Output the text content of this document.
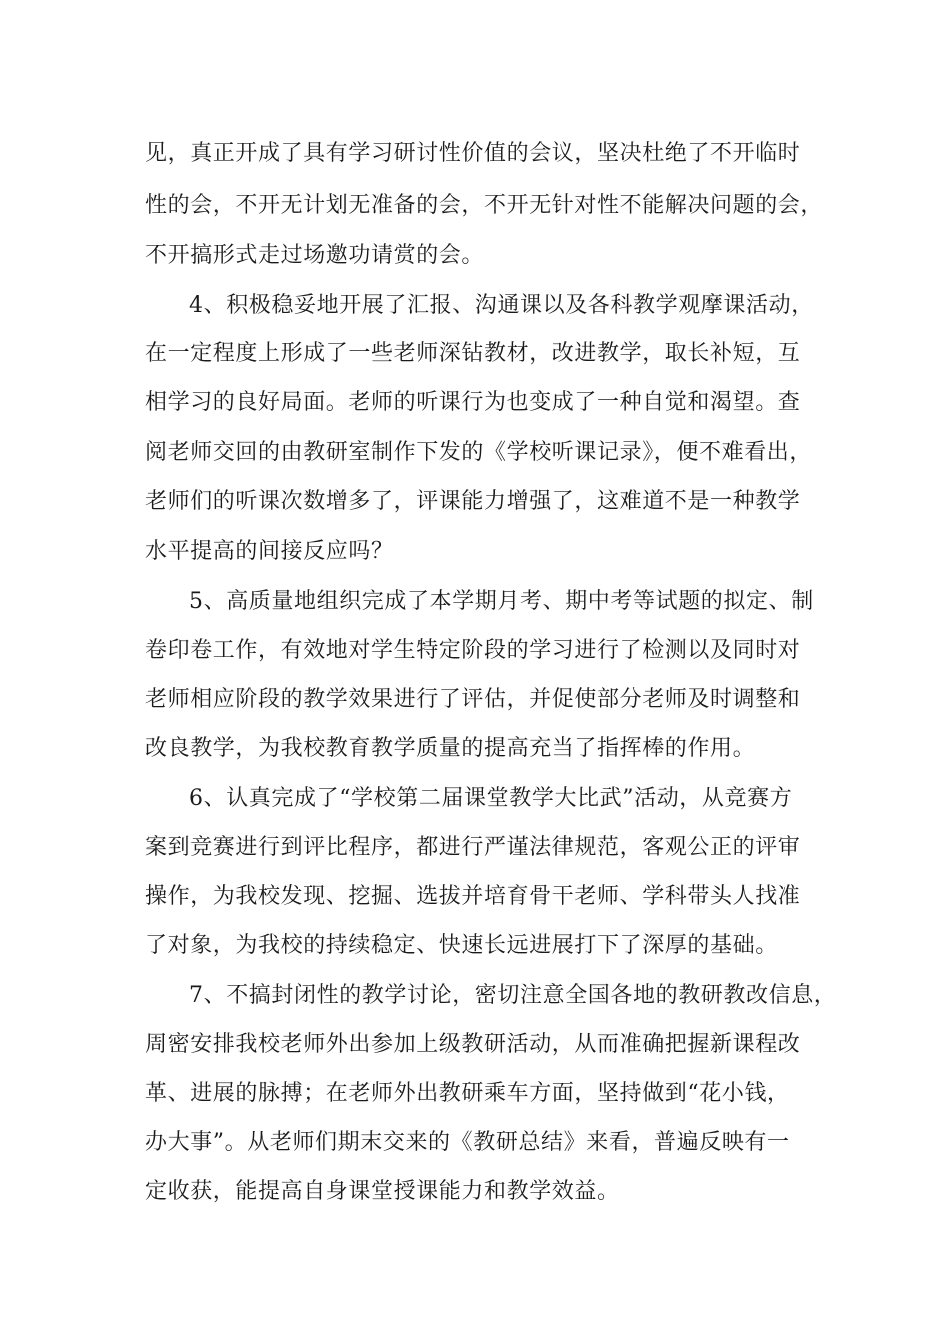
见，真正开成了具有学习研讨性价值的会议，坚决杜绝了不开临时
性的会，不开无计划无准备的会，不开无针对性不能解决问题的会，
不开搞形式走过场邀功请赏的会。
4、积极稳妥地开展了汇报、沟通课以及各科教学观摩课活动，
在一定程度上形成了一些老师深钻教材，改进教学，取长补短，互
相学习的良好局面。老师的听课行为也变成了一种自觉和渴望。查
阅老师交回的由教研室制作下发的《学校听课记录》，便不难看出，
老师们的听课次数增多了，评课能力增强了，这难道不是一种教学
水平提高的间接反应吗？
5、高质量地组织完成了本学期月考、期中考等试题的拟定、制
卷印卷工作，有效地对学生特定阶段的学习进行了检测以及同时对
老师相应阶段的教学效果进行了评估，并促使部分老师及时调整和
改良教学，为我校教育教学质量的提高充当了指挥棒的作用。
6、认真完成了“学校第二届课堂教学大比武”活动，从竞赛方
案到竞赛进行到评比程序，都进行严谨法律规范，客观公正的评审
操作，为我校发现、挖掘、选拔并培育骨干老师、学科带头人找准
了对象，为我校的持续稳定、快速长远进展打下了深厚的基础。
7、不搞封闭性的教学讨论，密切注意全国各地的教研教改信息，
周密安排我校老师外出参加上级教研活动，从而准确把握新课程改
革、进展的脉搏；在老师外出教研乘车方面，坚持做到“花小钱，
办大事”。从老师们期末交来的《教研总结》来看，普遍反映有一
定收获，能提高自身课堂授课能力和教学效益。
